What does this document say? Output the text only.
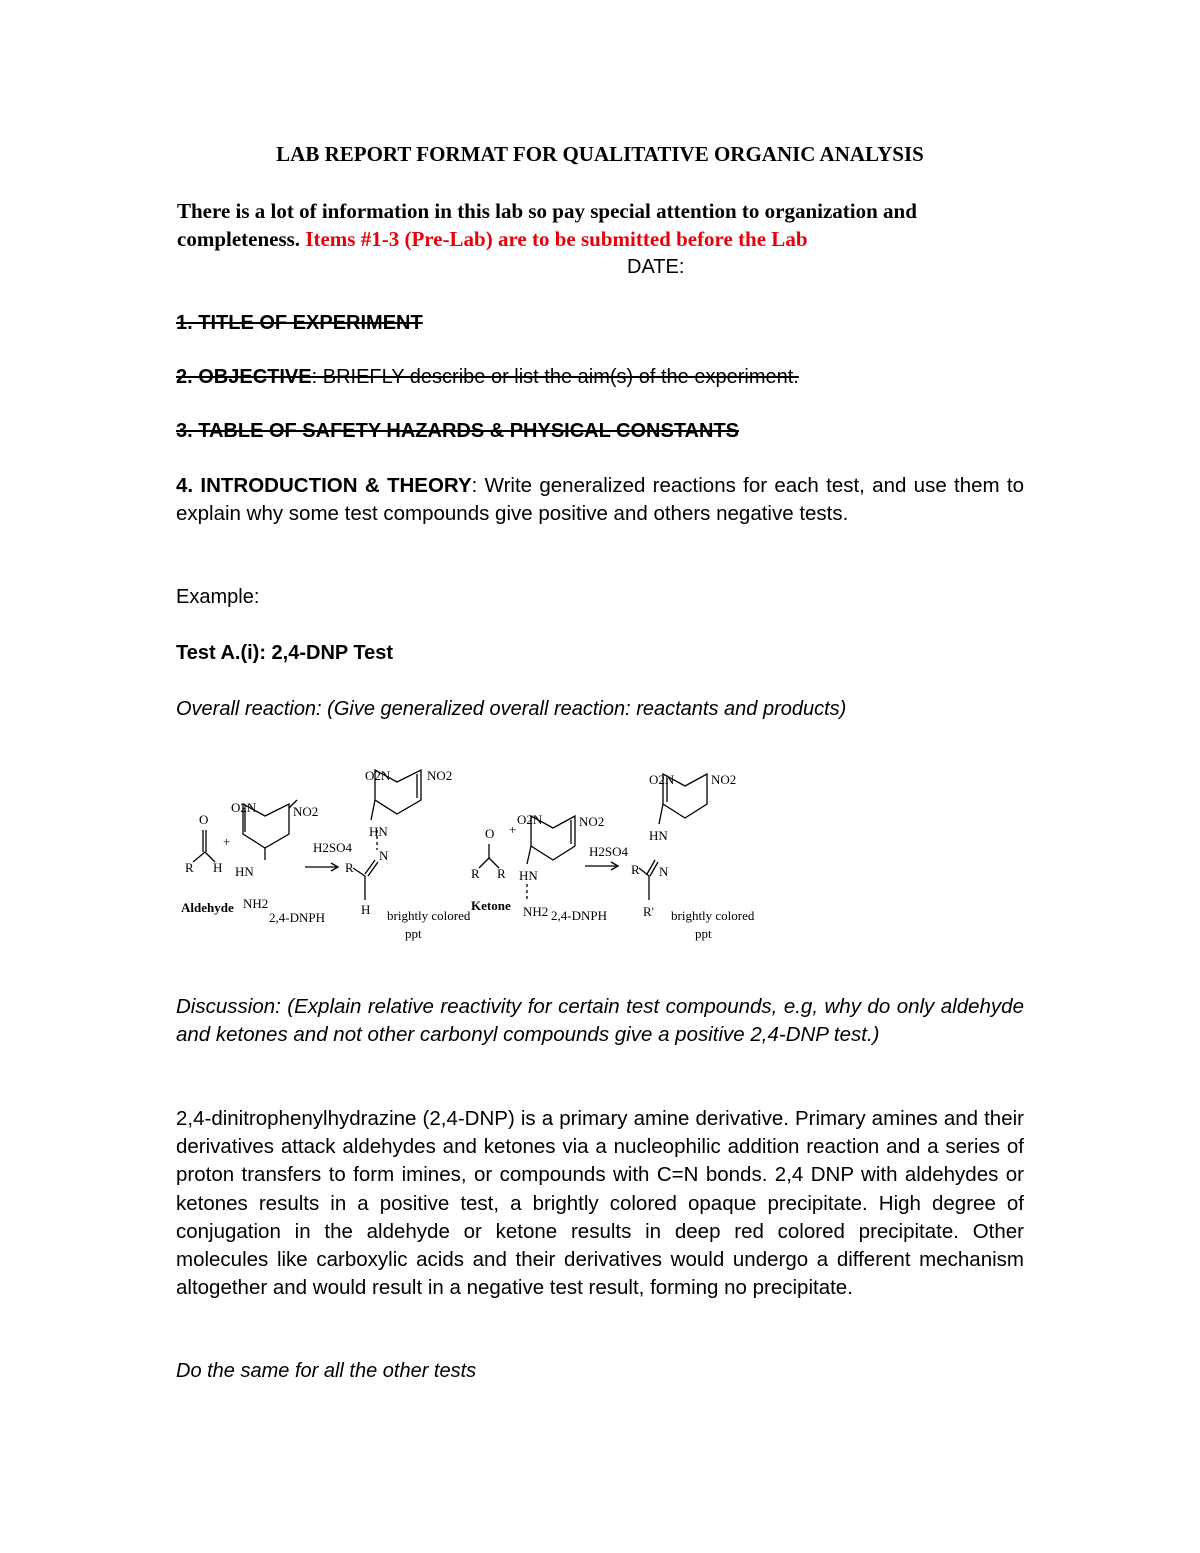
LAB REPORT FORMAT FOR QUALITATIVE ORGANIC ANALYSIS
There is a lot of information in this lab so pay special attention to organization and completeness. Items #1-3 (Pre-Lab) are to be submitted before the Lab
DATE:
1. TITLE OF EXPERIMENT
2. OBJECTIVE: BRIEFLY describe or list the aim(s) of the experiment.
3. TABLE OF SAFETY HAZARDS & PHYSICAL CONSTANTS
4. INTRODUCTION & THEORY: Write generalized reactions for each test, and use them to explain why some test compounds give positive and others negative tests.
Example:
Test A.(i): 2,4-DNP Test
Overall reaction: (Give generalized overall reaction: reactants and products)
O
R H
+
O2N	NO2
HN
NH2
H2SO4
O2N	NO2
HN
N
R
H
Aldehyde
2,4-DNPH	brightly colored
ppt
O
R R
+
O2N	NO2
HN
NH2
H2SO4
O2N	NO2
HN
N
R
R'
Ketone
2,4-DNPH	brightly colored
ppt
Discussion: (Explain relative reactivity for certain test compounds, e.g, why do only aldehyde and ketones and not other carbonyl compounds give a positive 2,4-DNP test.)
2,4-dinitrophenylhydrazine (2,4-DNP) is a primary amine derivative. Primary amines and their derivatives attack aldehydes and ketones via a nucleophilic addition reaction and a series of proton transfers to form imines, or compounds with C=N bonds. 2,4 DNP with aldehydes or ketones results in a positive test, a brightly colored opaque precipitate. High degree of conjugation in the aldehyde or ketone results in deep red colored precipitate. Other molecules like carboxylic acids and their derivatives would undergo a different mechanism altogether and would result in a negative test result, forming no precipitate.
Do the same for all the other tests
